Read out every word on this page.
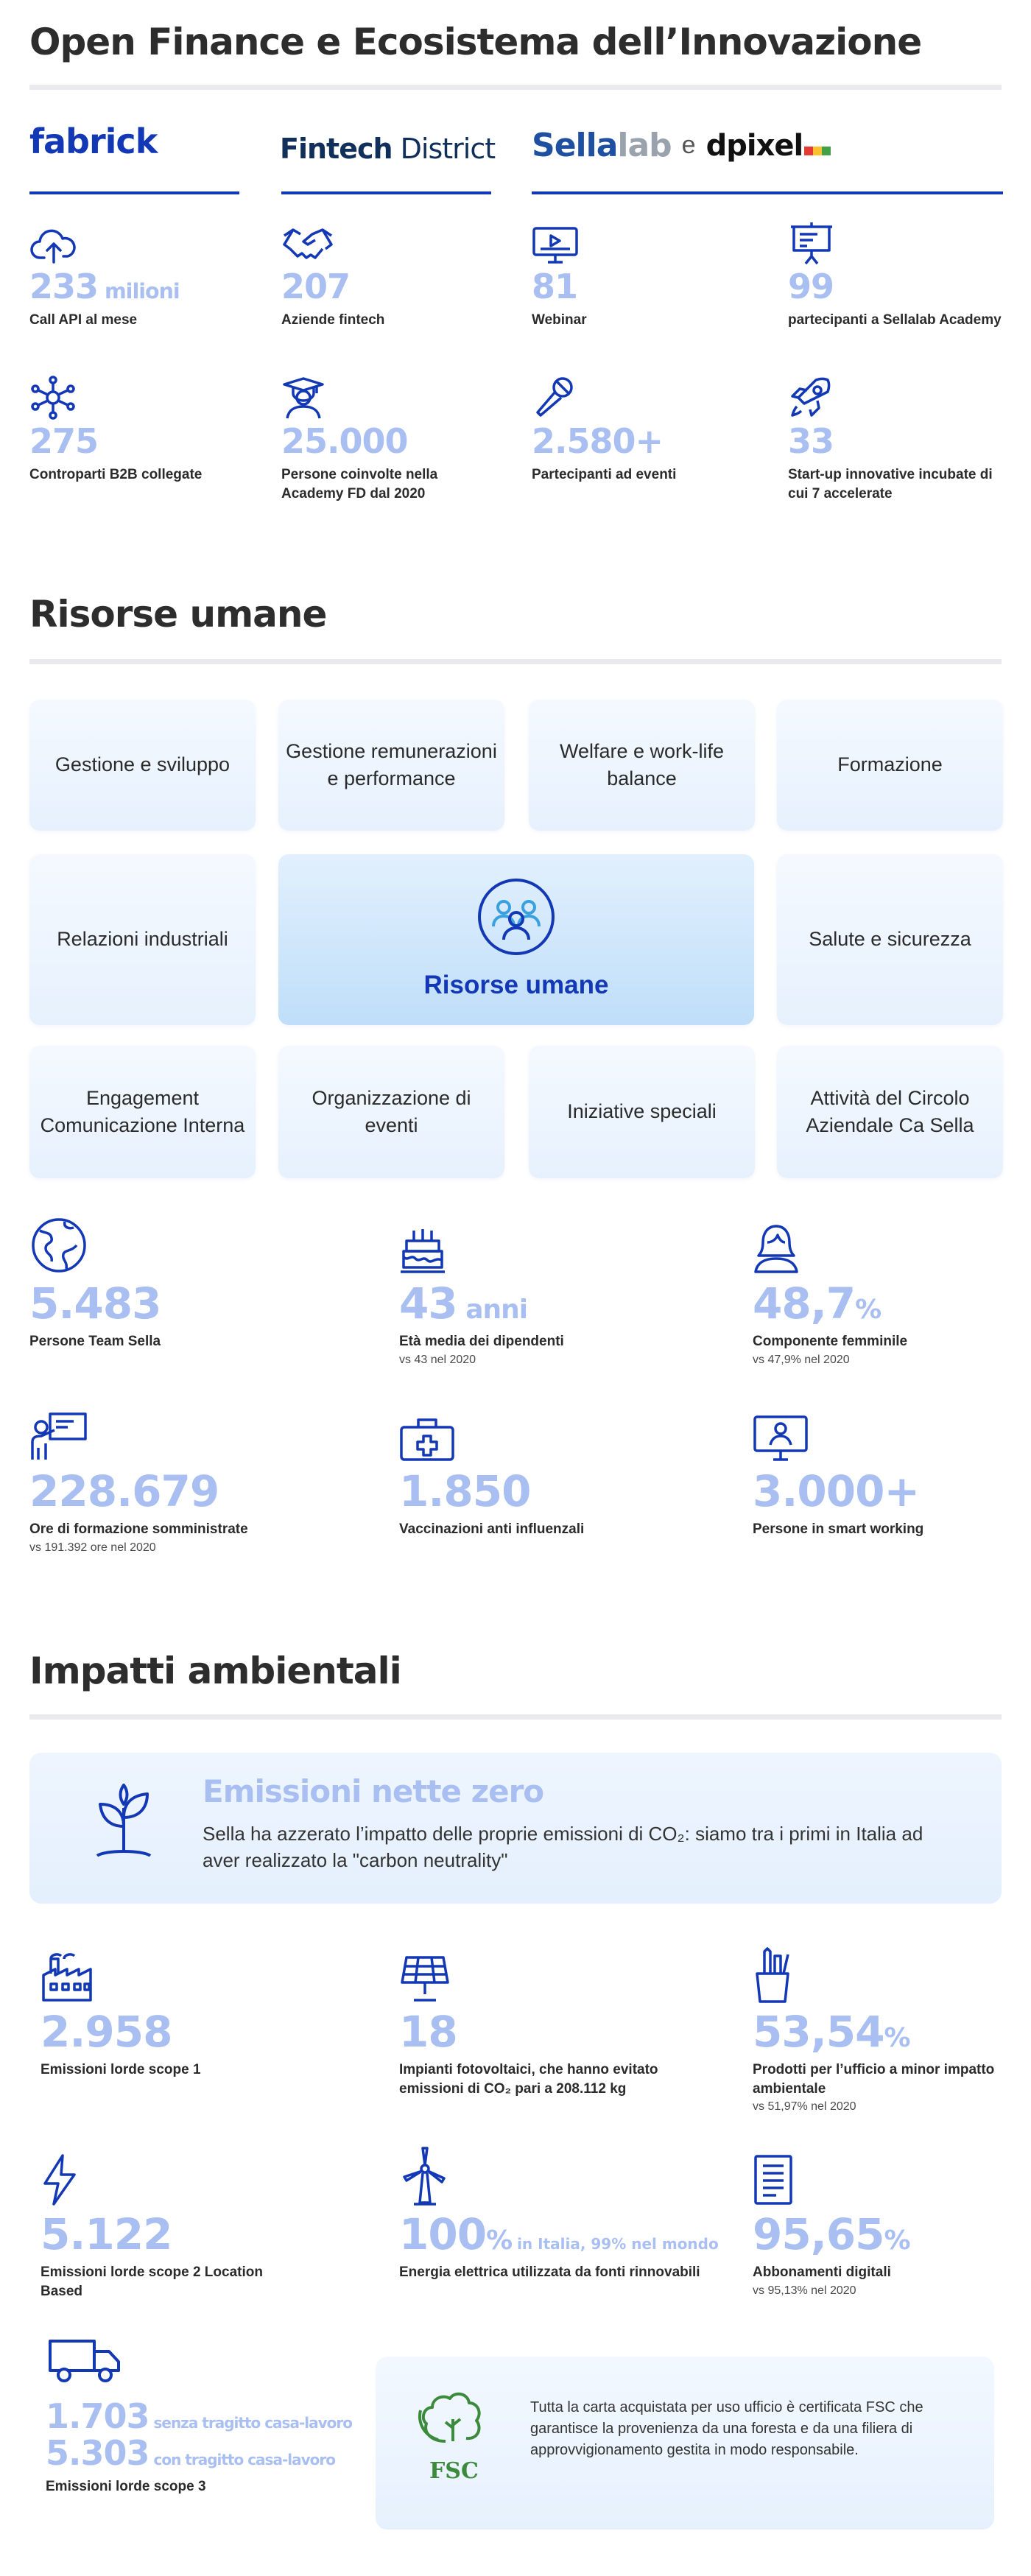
Open Finance e Ecosistema dell’Innovazione
fabrick	Fintech District Sellalab e dpixel
233 milioni
Call API al mese
207
Aziende fintech
81
Webinar
99
partecipanti a Sellalab Academy
275
Controparti B2B collegate
25.000
Persone coinvolte nella Academy FD dal 2020
2.580+
Partecipanti ad eventi
33
Start-up innovative incubate di cui 7 accelerate
Risorse umane
Gestione e sviluppo
Gestione remunerazioni e performance
Welfare e work-life balance
Formazione
Relazioni industriali	Salute e sicurezza
Engagement Comunicazione Interna
Organizzazione di eventi
Iniziative speciali
Attività del Circolo Aziendale Ca Sella
Risorse umane
5.483
Persone Team Sella
43 anni
Età media dei dipendenti
vs 43 nel 2020
48,7%
Componente femminile
vs 47,9% nel 2020
228.679
Ore di formazione somministrate
vs 191.392 ore nel 2020
1.850
Vaccinazioni anti influenzali
3.000+
Persone in smart working
Impatti ambientali
Emissioni nette zero
Sella ha azzerato l’impatto delle proprie emissioni di CO₂: siamo tra i primi in Italia ad aver realizzato la "carbon neutrality"
2.958
Emissioni lorde scope 1
18
Impianti fotovoltaici, che hanno evitato emissioni di CO₂ pari a 208.112 kg
53,54%
Prodotti per l’ufficio a minor impatto ambientale
vs 51,97% nel 2020
5.122
Emissioni lorde scope 2 Location Based
100% in Italia, 99% nel mondo
Energia elettrica utilizzata da fonti rinnovabili
95,65%
Abbonamenti digitali
vs 95,13% nel 2020
1.703 senza tragitto casa-lavoro
5.303 con tragitto casa-lavoro
Emissioni lorde scope 3
FSC
Tutta la carta acquistata per uso ufficio è certificata FSC che garantisce la provenienza da una foresta e da una filiera di approvvigionamento gestita in modo responsabile.
